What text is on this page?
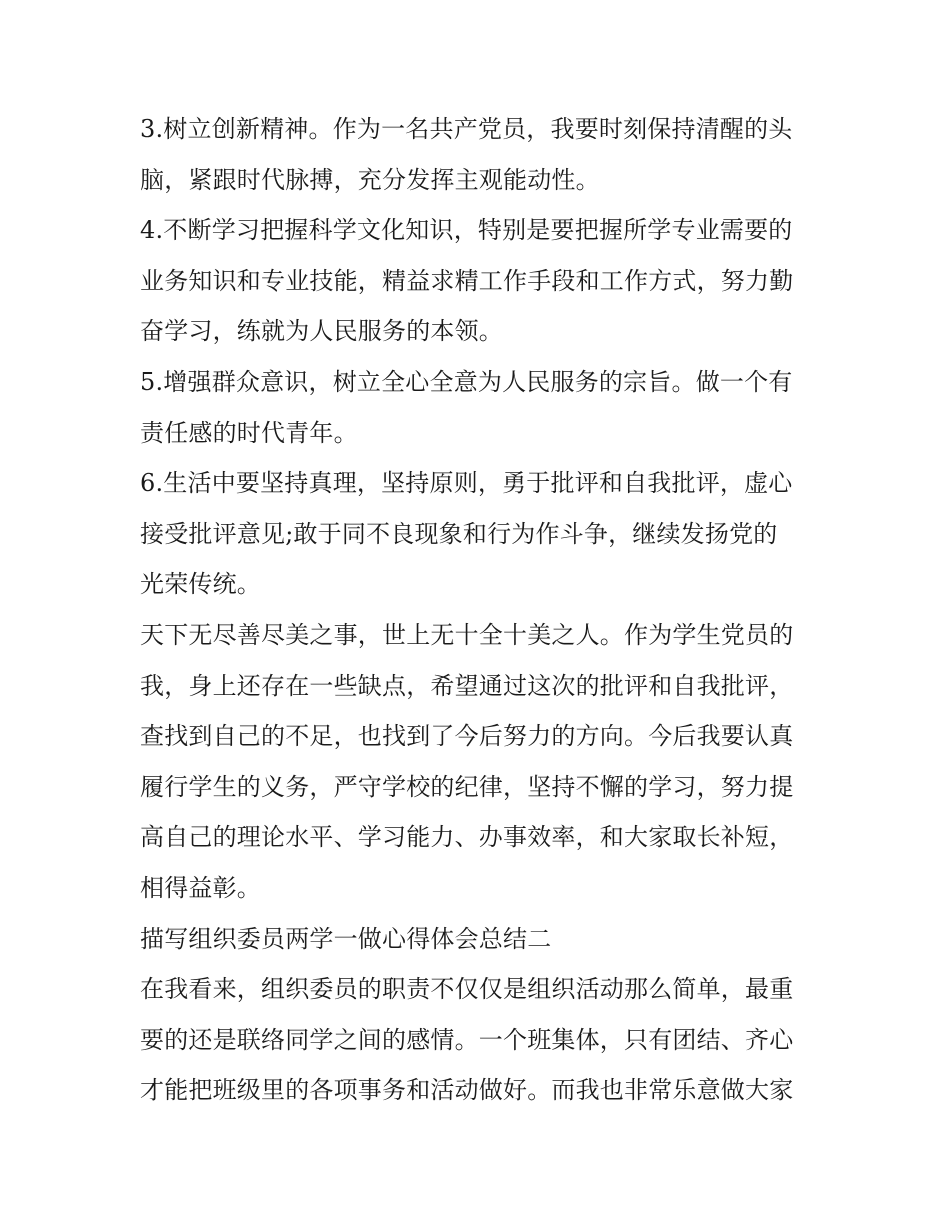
3.树立创新精神。作为一名共产党员，我要时刻保持清醒的头
脑，紧跟时代脉搏，充分发挥主观能动性。
4.不断学习把握科学文化知识，特别是要把握所学专业需要的
业务知识和专业技能，精益求精工作手段和工作方式，努力勤
奋学习，练就为人民服务的本领。
5.增强群众意识，树立全心全意为人民服务的宗旨。做一个有
责任感的时代青年。
6.生活中要坚持真理，坚持原则，勇于批评和自我批评，虚心
接受批评意见;敢于同不良现象和行为作斗争，继续发扬党的
光荣传统。
天下无尽善尽美之事，世上无十全十美之人。作为学生党员的
我，身上还存在一些缺点，希望通过这次的批评和自我批评，
查找到自己的不足，也找到了今后努力的方向。今后我要认真
履行学生的义务，严守学校的纪律，坚持不懈的学习，努力提
高自己的理论水平、学习能力、办事效率，和大家取长补短，
相得益彰。
描写组织委员两学一做心得体会总结二
在我看来，组织委员的职责不仅仅是组织活动那么简单，最重
要的还是联络同学之间的感情。一个班集体，只有团结、齐心
才能把班级里的各项事务和活动做好。而我也非常乐意做大家
